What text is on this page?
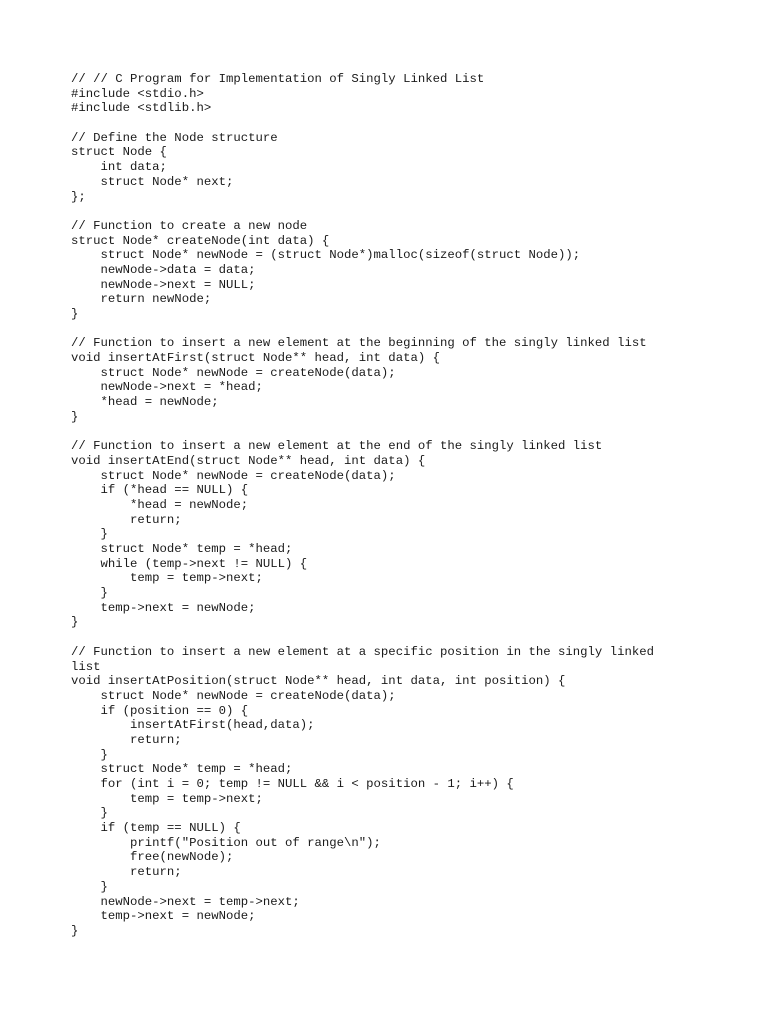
// // C Program for Implementation of Singly Linked List
#include <stdio.h>
#include <stdlib.h>
// Define the Node structure
struct Node {
int data;
struct Node* next;
};
// Function to create a new node
struct Node* createNode(int data) {
struct Node* newNode = (struct Node*)malloc(sizeof(struct Node));
newNode->data = data;
newNode->next = NULL;
return newNode;
}
// Function to insert a new element at the beginning of the singly linked list
void insertAtFirst(struct Node** head, int data) {
struct Node* newNode = createNode(data);
newNode->next = *head;
*head = newNode;
}
// Function to insert a new element at the end of the singly linked list
void insertAtEnd(struct Node** head, int data) {
struct Node* newNode = createNode(data);
if (*head == NULL) {
*head = newNode;
return;
}
struct Node* temp = *head;
while (temp->next != NULL) {
temp = temp->next;
}
temp->next = newNode;
}
// Function to insert a new element at a specific position in the singly linked
list
void insertAtPosition(struct Node** head, int data, int position) {
struct Node* newNode = createNode(data);
if (position == 0) {
insertAtFirst(head,data);
return;
}
struct Node* temp = *head;
for (int i = 0; temp != NULL && i < position - 1; i++) {
temp = temp->next;
}
if (temp == NULL) {
printf("Position out of range\n");
free(newNode);
return;
}
newNode->next = temp->next;
temp->next = newNode;
}
